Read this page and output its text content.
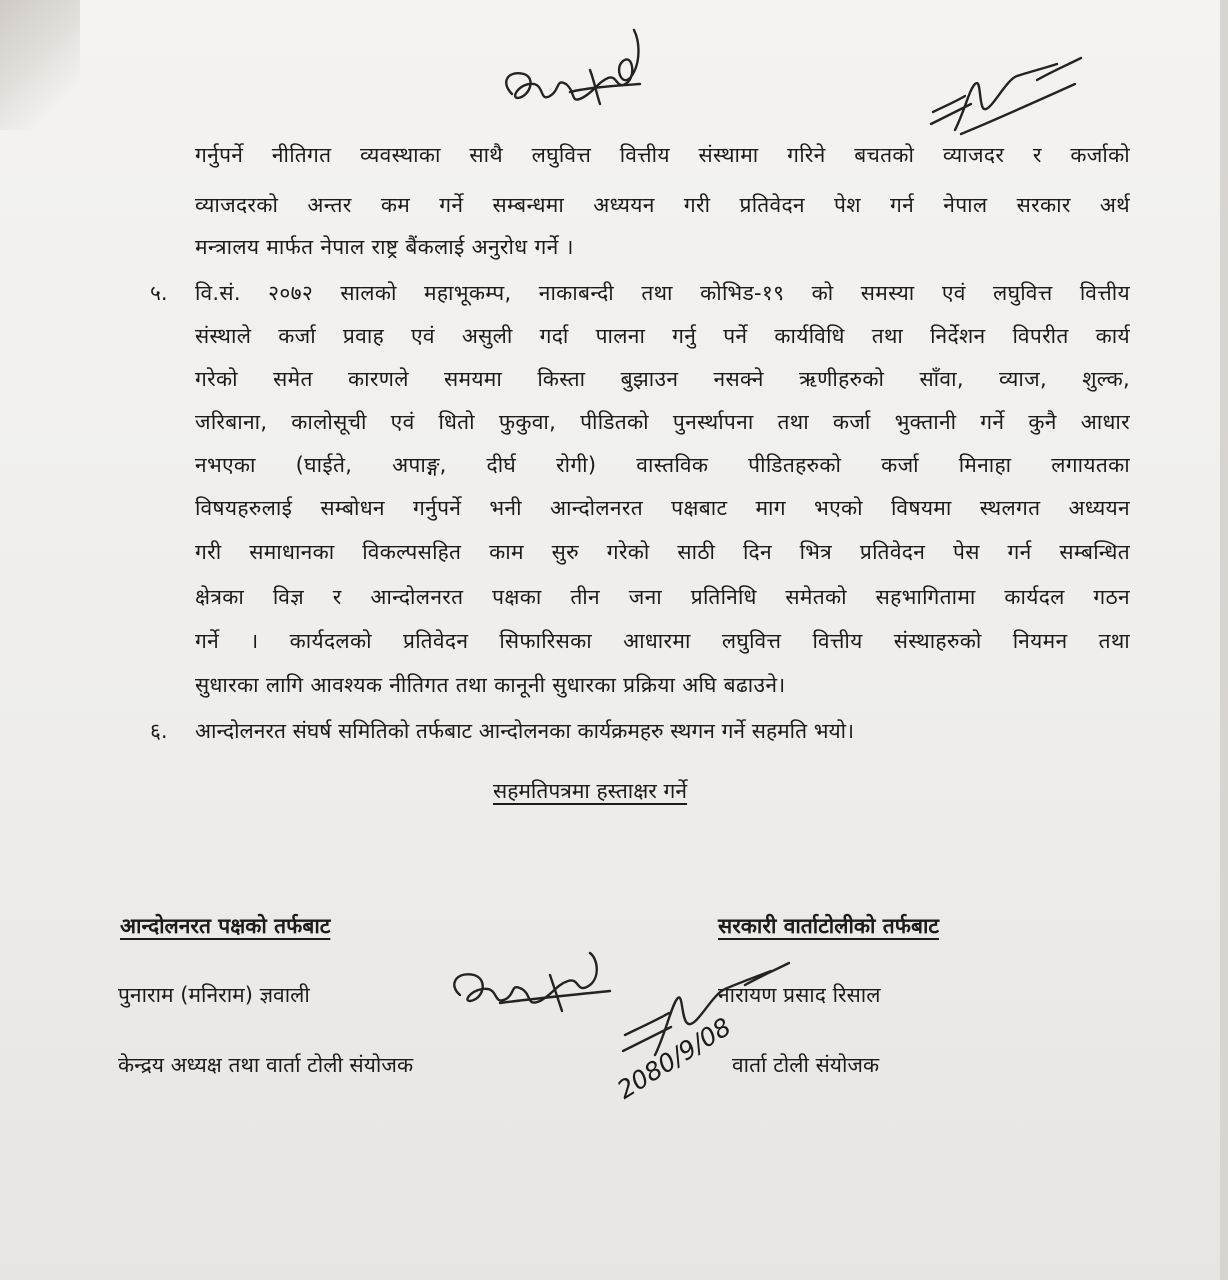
गर्नुपर्ने नीतिगत व्यवस्थाका साथै लघुवित्त वित्तीय संस्थामा गरिने बचतको व्याजदर र कर्जाको
व्याजदरको अन्तर कम गर्ने सम्बन्धमा अध्ययन गरी प्रतिवेदन पेश गर्न नेपाल सरकार अर्थ
मन्त्रालय मार्फत नेपाल राष्ट्र बैंकलाई अनुरोध गर्ने ।
५. वि.सं. २०७२ सालको महाभूकम्प, नाकाबन्दी तथा कोभिड-१९ को समस्या एवं लघुवित्त वित्तीय
संस्थाले कर्जा प्रवाह एवं असुली गर्दा पालना गर्नु पर्ने कार्यविधि तथा निर्देशन विपरीत कार्य
गरेको समेत कारणले समयमा किस्ता बुझाउन नसक्ने ऋणीहरुको साँवा, व्याज, शुल्क,
जरिबाना, कालोसूची एवं धितो फुकुवा, पीडितको पुनर्स्थापना तथा कर्जा भुक्तानी गर्ने कुनै आधार
नभएका (घाईते, अपाङ्ग, दीर्घ रोगी) वास्तविक पीडितहरुको कर्जा मिनाहा लगायतका
विषयहरुलाई सम्बोधन गर्नुपर्ने भनी आन्दोलनरत पक्षबाट माग भएको विषयमा स्थलगत अध्ययन
गरी समाधानका विकल्पसहित काम सुरु गरेको साठी दिन भित्र प्रतिवेदन पेस गर्न सम्बन्धित
क्षेत्रका विज्ञ र आन्दोलनरत पक्षका तीन जना प्रतिनिधि समेतको सहभागितामा कार्यदल गठन
गर्ने । कार्यदलको प्रतिवेदन सिफारिसका आधारमा लघुवित्त वित्तीय संस्थाहरुको नियमन तथा
सुधारका लागि आवश्यक नीतिगत तथा कानूनी सुधारका प्रक्रिया अघि बढाउने।
६. आन्दोलनरत संघर्ष समितिको तर्फबाट आन्दोलनका कार्यक्रमहरु स्थगन गर्ने सहमति भयो।
सहमतिपत्रमा हस्ताक्षर गर्ने
आन्दोलनरत पक्षको तर्फबाट
पुनाराम (मनिराम) ज्ञवाली
केन्द्रय अध्यक्ष तथा वार्ता टोली संयोजक
सरकारी वार्ताटोलीको तर्फबाट
नारायण प्रसाद रिसाल
वार्ता टोली संयोजक
2080/9/08
